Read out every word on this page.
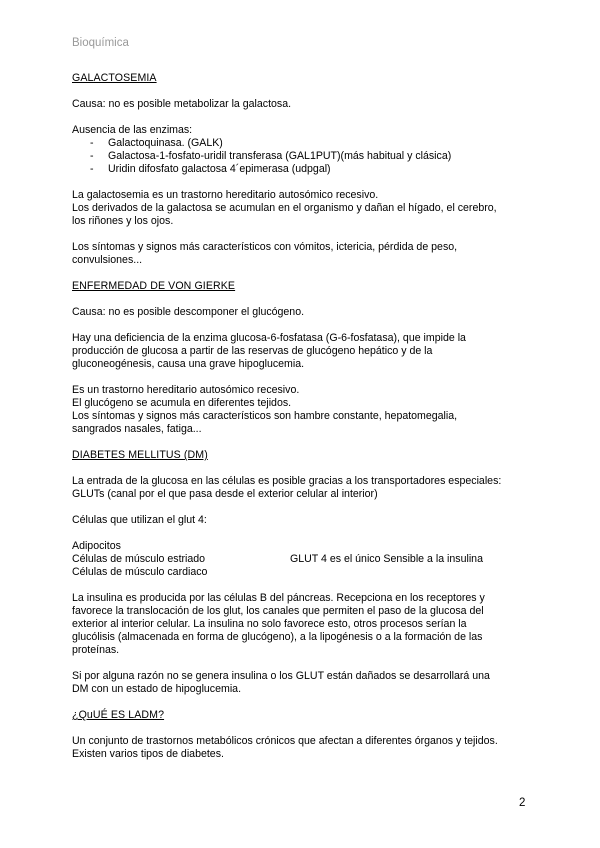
Bioquímica
GALACTOSEMIA
Causa: no es posible metabolizar la galactosa.
Ausencia de las enzimas:
- Galactoquinasa. (GALK)
- Galactosa-1-fosfato-uridil transferasa (GAL1PUT)(más habitual y clásica)
- Uridin difosfato galactosa 4´epimerasa (udpgal)
La galactosemia es un trastorno hereditario autosómico recesivo.
Los derivados de la galactosa se acumulan en el organismo y dañan el hígado, el cerebro,
los riñones y los ojos.
Los síntomas y signos más característicos con vómitos, ictericia, pérdida de peso,
convulsiones...
ENFERMEDAD DE VON GIERKE
Causa: no es posible descomponer el glucógeno.
Hay una deficiencia de la enzima glucosa-6-fosfatasa (G-6-fosfatasa), que impide la
producción de glucosa a partir de las reservas de glucógeno hepático y de la
gluconeogénesis, causa una grave hipoglucemia.
Es un trastorno hereditario autosómico recesivo.
El glucógeno se acumula en diferentes tejidos.
Los síntomas y signos más característicos son hambre constante, hepatomegalia,
sangrados nasales, fatiga...
DIABETES MELLITUS (DM)
La entrada de la glucosa en las células es posible gracias a los transportadores especiales:
GLUTs (canal por el que pasa desde el exterior celular al interior)
Células que utilizan el glut 4:
Adipocitos
Células de músculo estriado	GLUT 4 es el único Sensible a la insulina
Células de músculo cardiaco
La insulina es producida por las células B del páncreas. Recepciona en los receptores y
favorece la translocación de los glut, los canales que permiten el paso de la glucosa del
exterior al interior celular. La insulina no solo favorece esto, otros procesos serían la
glucólisis (almacenada en forma de glucógeno), a la lipogénesis o a la formación de las
proteínas.
Si por alguna razón no se genera insulina o los GLUT están dañados se desarrollará una
DM con un estado de hipoglucemia.
¿QuUÉ ES LADM?
Un conjunto de trastornos metabólicos crónicos que afectan a diferentes órganos y tejidos.
Existen varios tipos de diabetes.
2
